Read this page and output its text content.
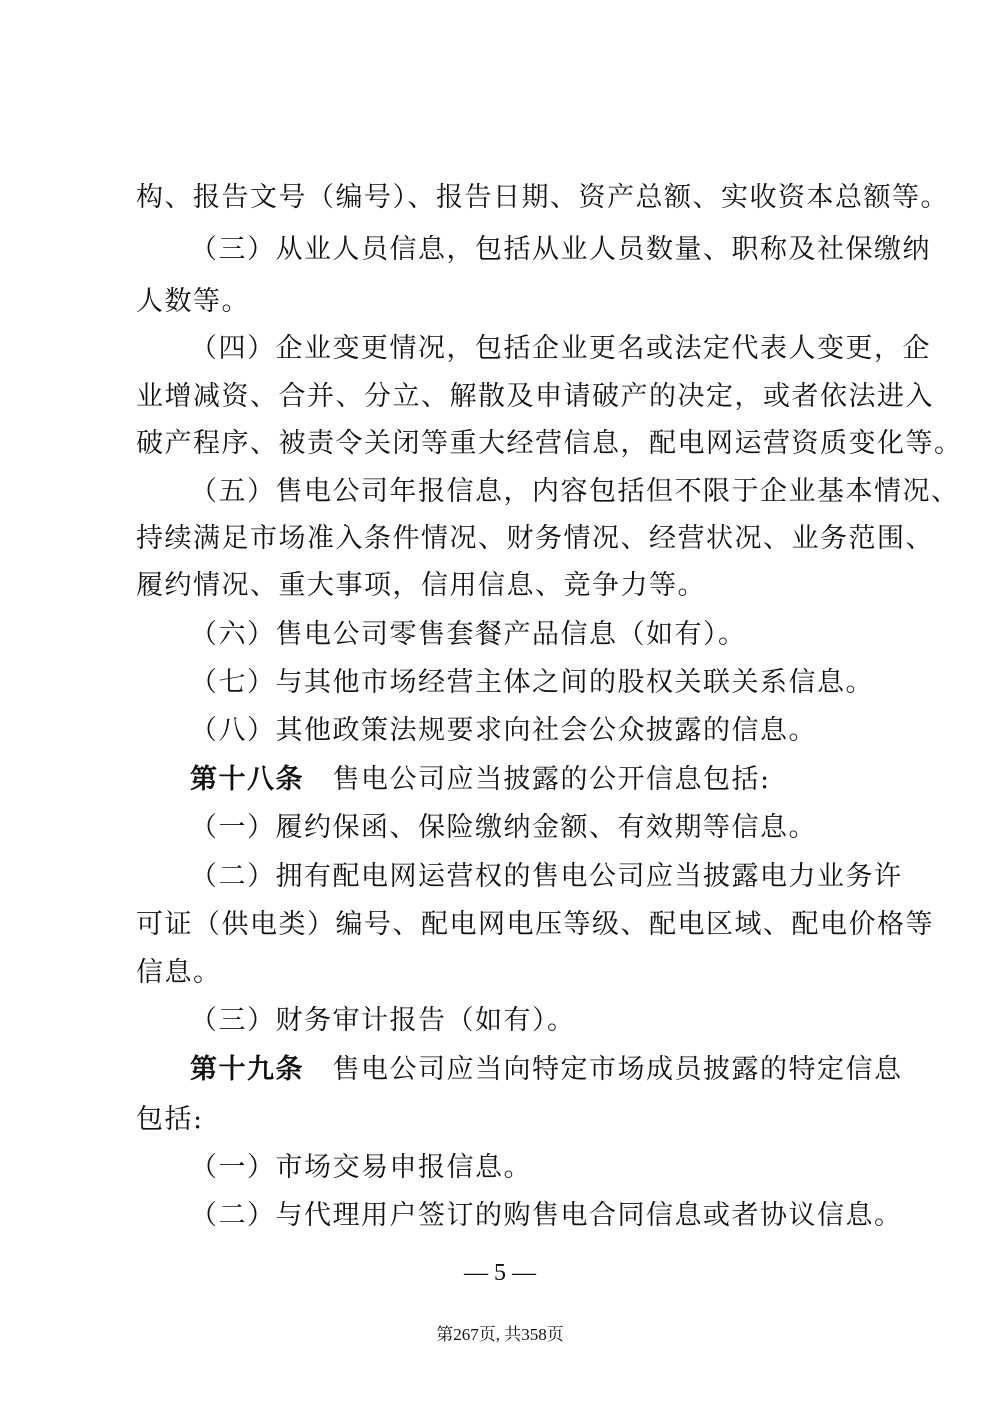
构、报告文号（编号）、报告日期、资产总额、实收资本总额等。
（三）从业人员信息，包括从业人员数量、职称及社保缴纳
人数等。
（四）企业变更情况，包括企业更名或法定代表人变更，企
业增减资、合并、分立、解散及申请破产的决定，或者依法进入
破产程序、被责令关闭等重大经营信息，配电网运营资质变化等。
（五）售电公司年报信息，内容包括但不限于企业基本情况、
持续满足市场准入条件情况、财务情况、经营状况、业务范围、
履约情况、重大事项，信用信息、竞争力等。
（六）售电公司零售套餐产品信息（如有）。
（七）与其他市场经营主体之间的股权关联关系信息。
（八）其他政策法规要求向社会公众披露的信息。
第十八条　 售电公司应当披露的公开信息包括:
（一）履约保函、保险缴纳金额、有效期等信息。
（二）拥有配电网运营权的售电公司应当披露电力业务许
可证（供电类）编号、配电网电压等级、配电区域、配电价格等
信息。
（三）财务审计报告（如有）。
第十九条　 售电公司应当向特定市场成员披露的特定信息
包括:
（一）市场交易申报信息。
（二）与代理用户签订的购售电合同信息或者协议信息。
— 5 —
第267页, 共358页
